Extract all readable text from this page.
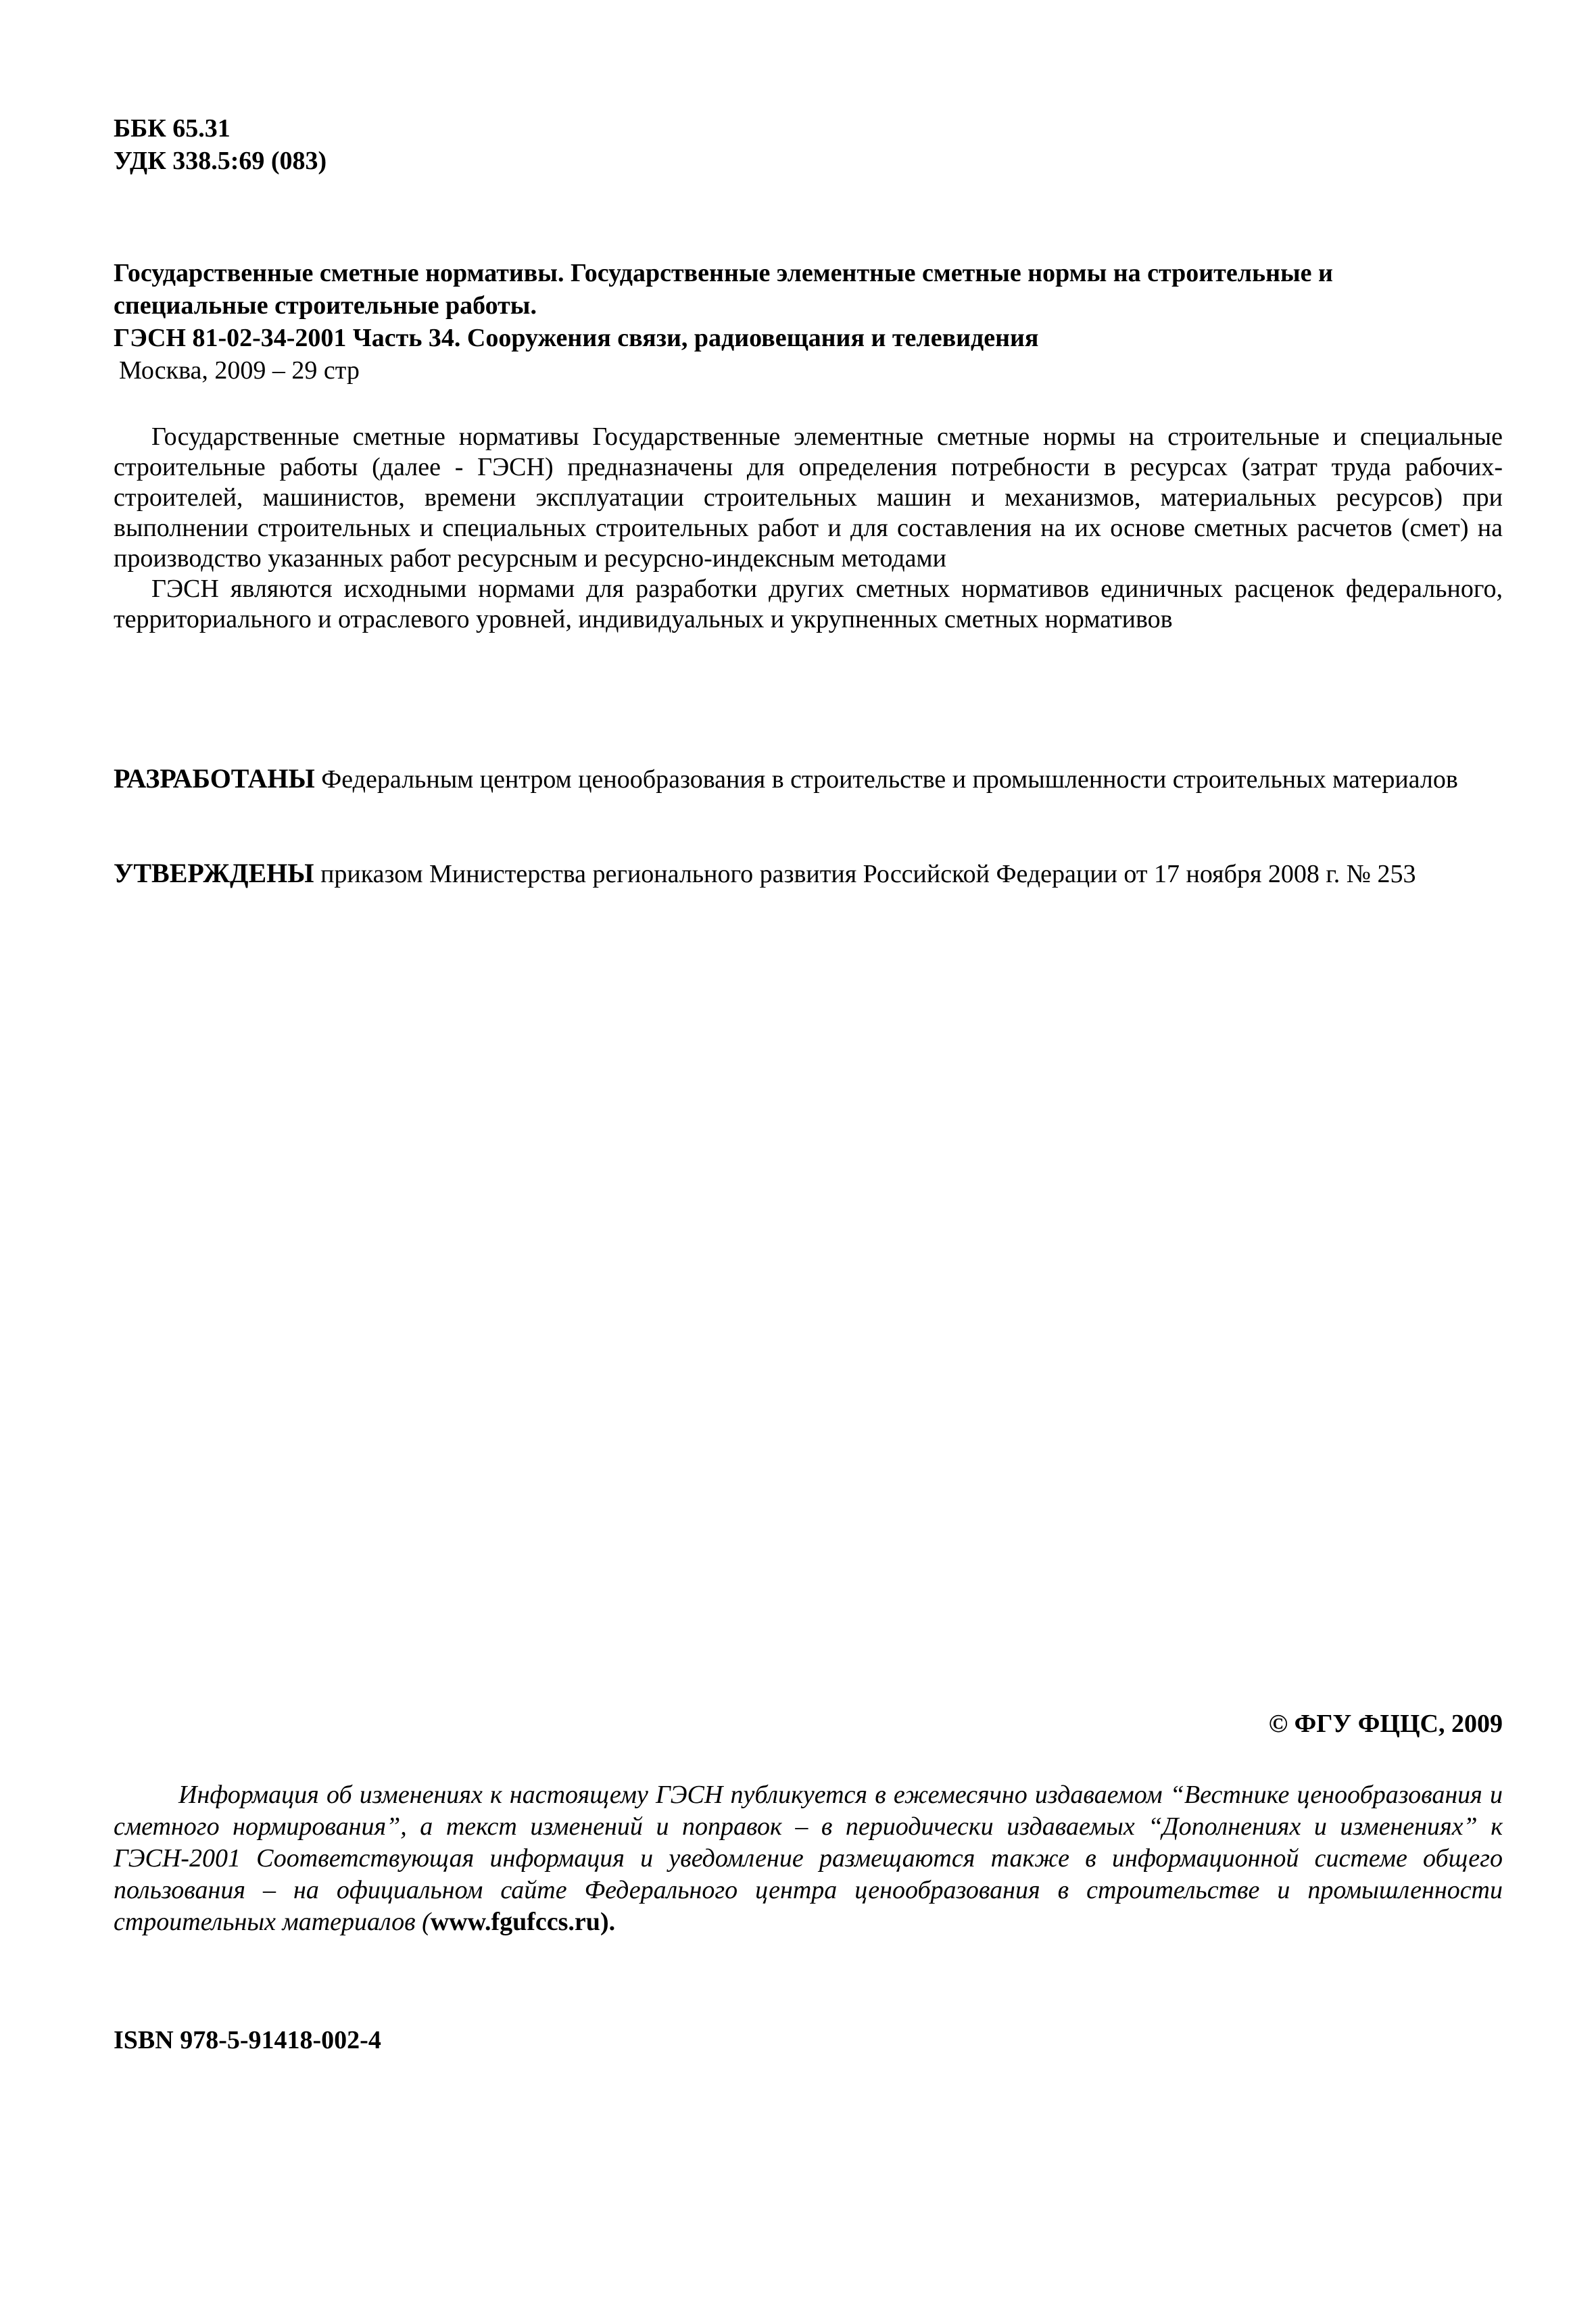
ББК 65.31
УДК 338.5:69 (083)
Государственные сметные нормативы. Государственные элементные сметные нормы на строительные и
специальные строительные работы.
ГЭСН 81-02-34-2001 Часть 34. Сооружения связи, радиовещания и телевидения
Москва, 2009 – 29 стр

Государственные сметные нормативы Государственные элементные сметные нормы на строительные и специальные строительные работы (далее - ГЭСН) предназначены для определения потребности в ресурсах (затрат труда рабочих-строителей, машинистов, времени эксплуатации строительных машин и механизмов, материальных ресурсов) при выполнении строительных и специальных строительных работ и для составления на их основе сметных расчетов (смет) на производство указанных работ ресурсным и ресурсно-индексным методами

ГЭСН являются исходными нормами для разработки других сметных нормативов единичных расценок федерального, территориального и отраслевого уровней, индивидуальных и укрупненных сметных нормативов

РАЗРАБОТАНЫ Федеральным центром ценообразования в строительстве и промышленности строительных материалов
УТВЕРЖДЕНЫ приказом Министерства регионального развития Российской Федерации от 17 ноября 2008 г. № 253
© ФГУ ФЦЦС, 2009

Информация об изменениях к настоящему ГЭСН публикуется в ежемесячно издаваемом “Вестнике ценообразования и сметного нормирования”, а текст изменений и поправок – в периодически издаваемых “Дополнениях и изменениях” к ГЭСН-2001 Соответствующая информация и уведомление размещаются также в информационной системе общего пользования – на официальном сайте Федерального центра ценообразования в строительстве и промышленности строительных материалов (www.fgufccs.ru).

ISBN 978-5-91418-002-4
